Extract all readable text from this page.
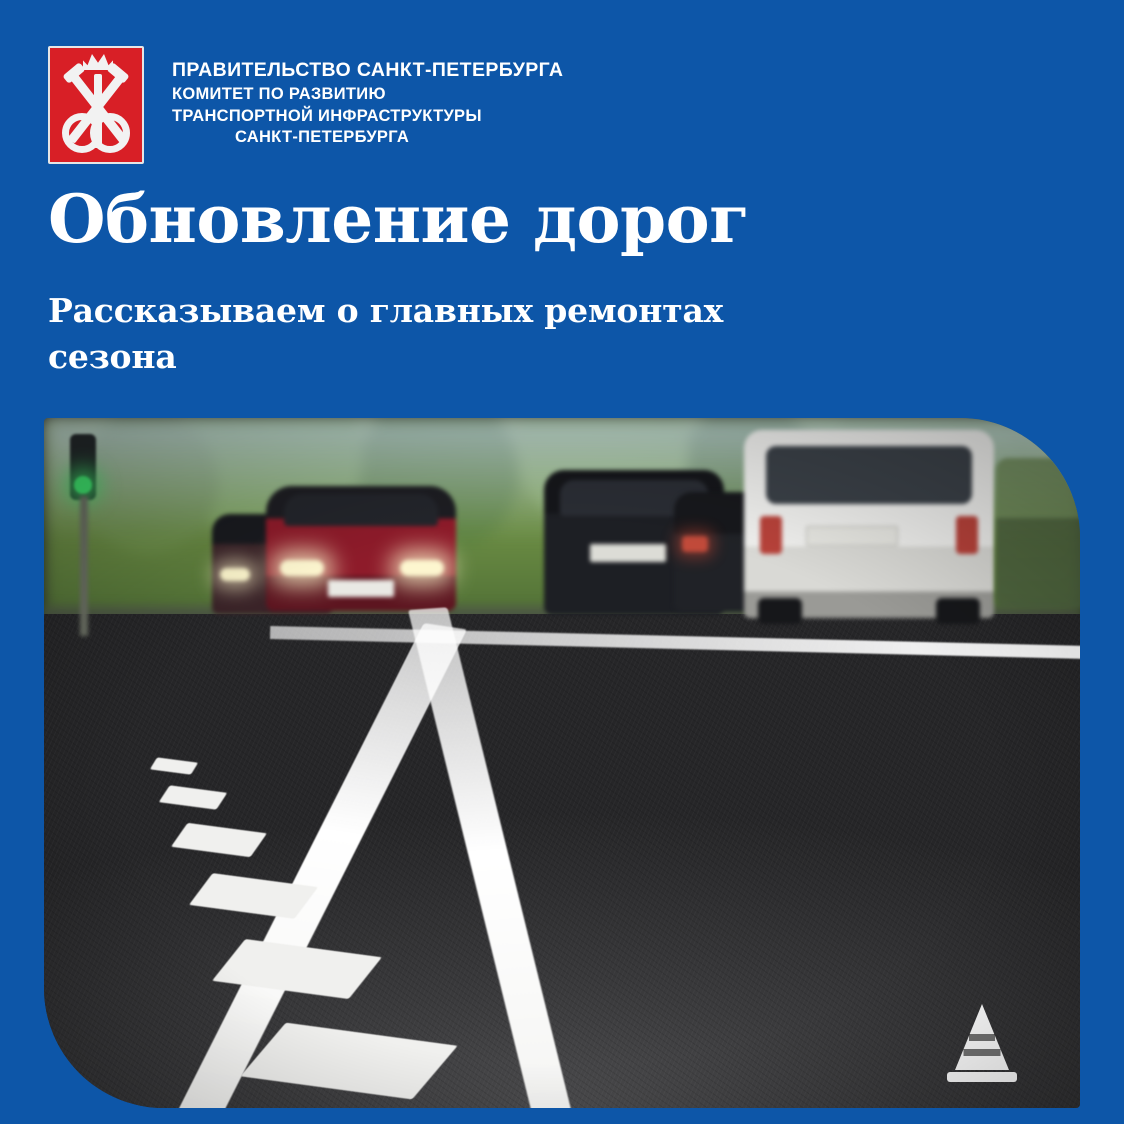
ПРАВИТЕЛЬСТВО САНКТ-ПЕТЕРБУРГА
КОМИТЕТ ПО РАЗВИТИЮ
ТРАНСПОРТНОЙ ИНФРАСТРУКТУРЫ
САНКТ-ПЕТЕРБУРГА
Обновление дорог
Рассказываем о главных ремонтах сезона
